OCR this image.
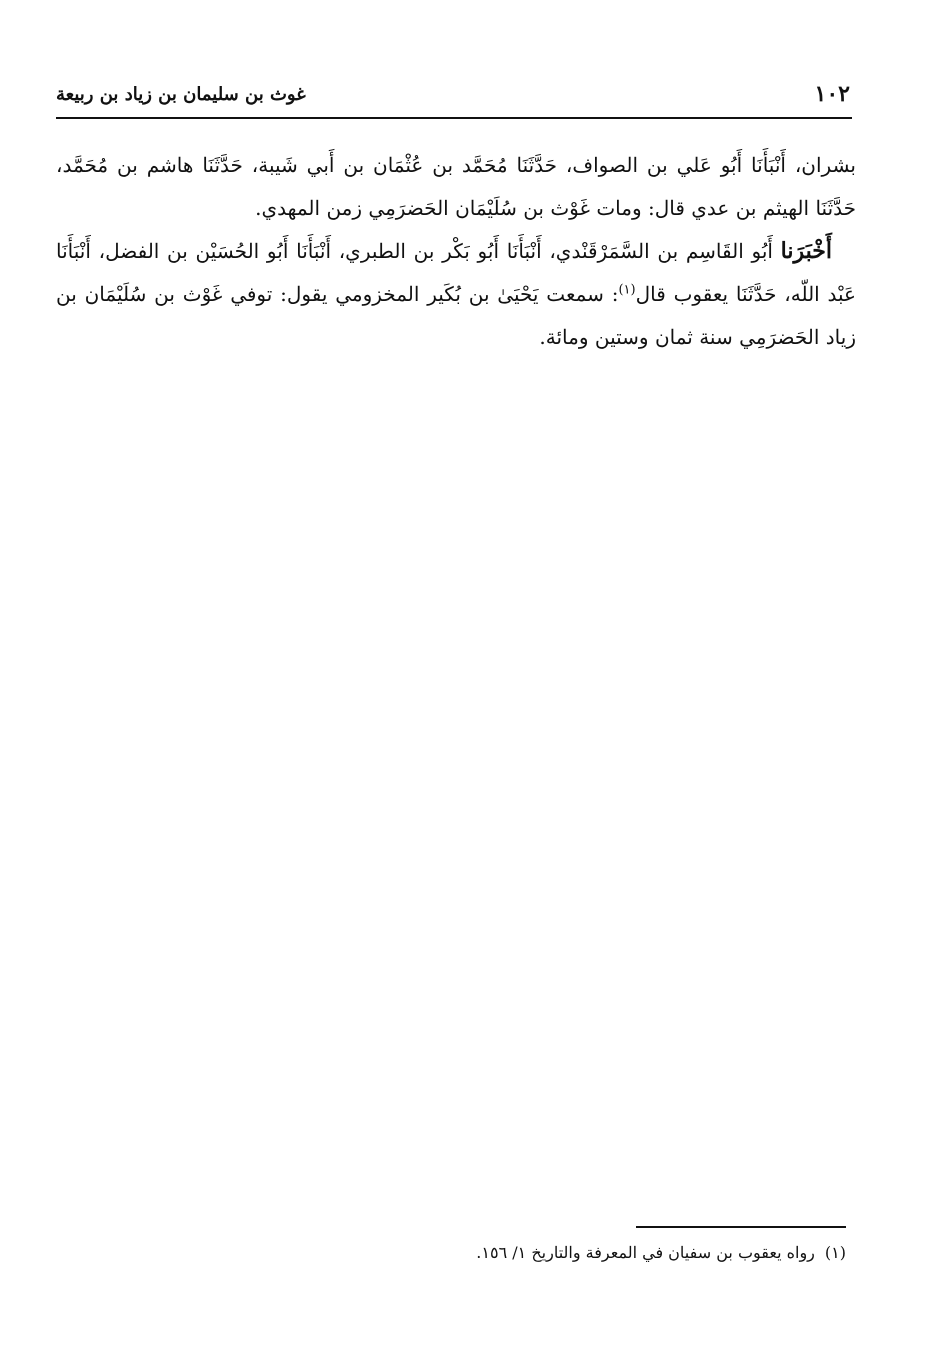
١٠٢
غوث بن سليمان بن زياد بن ربيعة

بشران، أَنْبَأَنَا أَبُو عَلي بن الصواف، حَدَّثَنَا مُحَمَّد بن عُثْمَان بن أَبي شَيبة، حَدَّثَنَا هاشم بن مُحَمَّد، حَدَّثَنَا الهيثم بن عدي قال: ومات غَوْث بن سُلَيْمَان الحَضرَمِي زمن المهدي.

أَخْبَرَنا أَبُو القَاسِم بن السَّمَرْقَنْدي، أَنْبَأَنَا أَبُو بَكْر بن الطبري، أَنْبَأَنَا أَبُو الحُسَيْن بن الفضل، أَنْبَأَنَا عَبْد اللّه، حَدَّثَنَا يعقوب قال$^{(١)}$: سمعت يَحْيَىٰ بن بُكَير المخزومي يقول: توفي غَوْث بن سُلَيْمَان بن زياد الحَضرَمِي سنة ثمان وستين ومائة.

(١)رواه يعقوب بن سفيان في المعرفة والتاريخ ١/ ١٥٦.
